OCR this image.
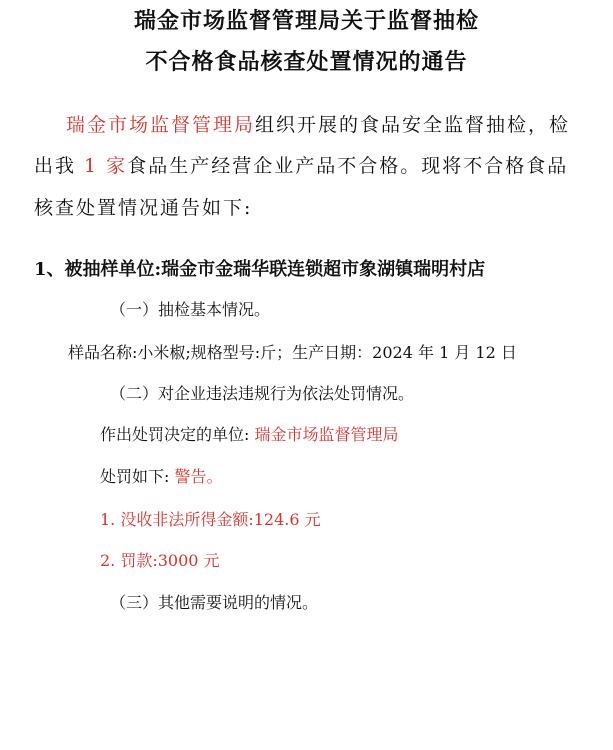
瑞金市场监督管理局关于监督抽检
不合格食品核查处置情况的通告
瑞金市场监督管理局组织开展的食品安全监督抽检，检
出我 1 家食品生产经营企业产品不合格。现将不合格食品
核查处置情况通告如下:
1、被抽样单位:瑞金市金瑞华联连锁超市象湖镇瑞明村店
（一）抽检基本情况。
样品名称:小米椒;规格型号:斤；生产日期：2024 年 1 月 12 日
（二）对企业违法违规行为依法处罚情况。
作出处罚决定的单位: 瑞金市场监督管理局
处罚如下: 警告。
1. 没收非法所得金额:124.6 元
2. 罚款:3000 元
（三）其他需要说明的情况。
